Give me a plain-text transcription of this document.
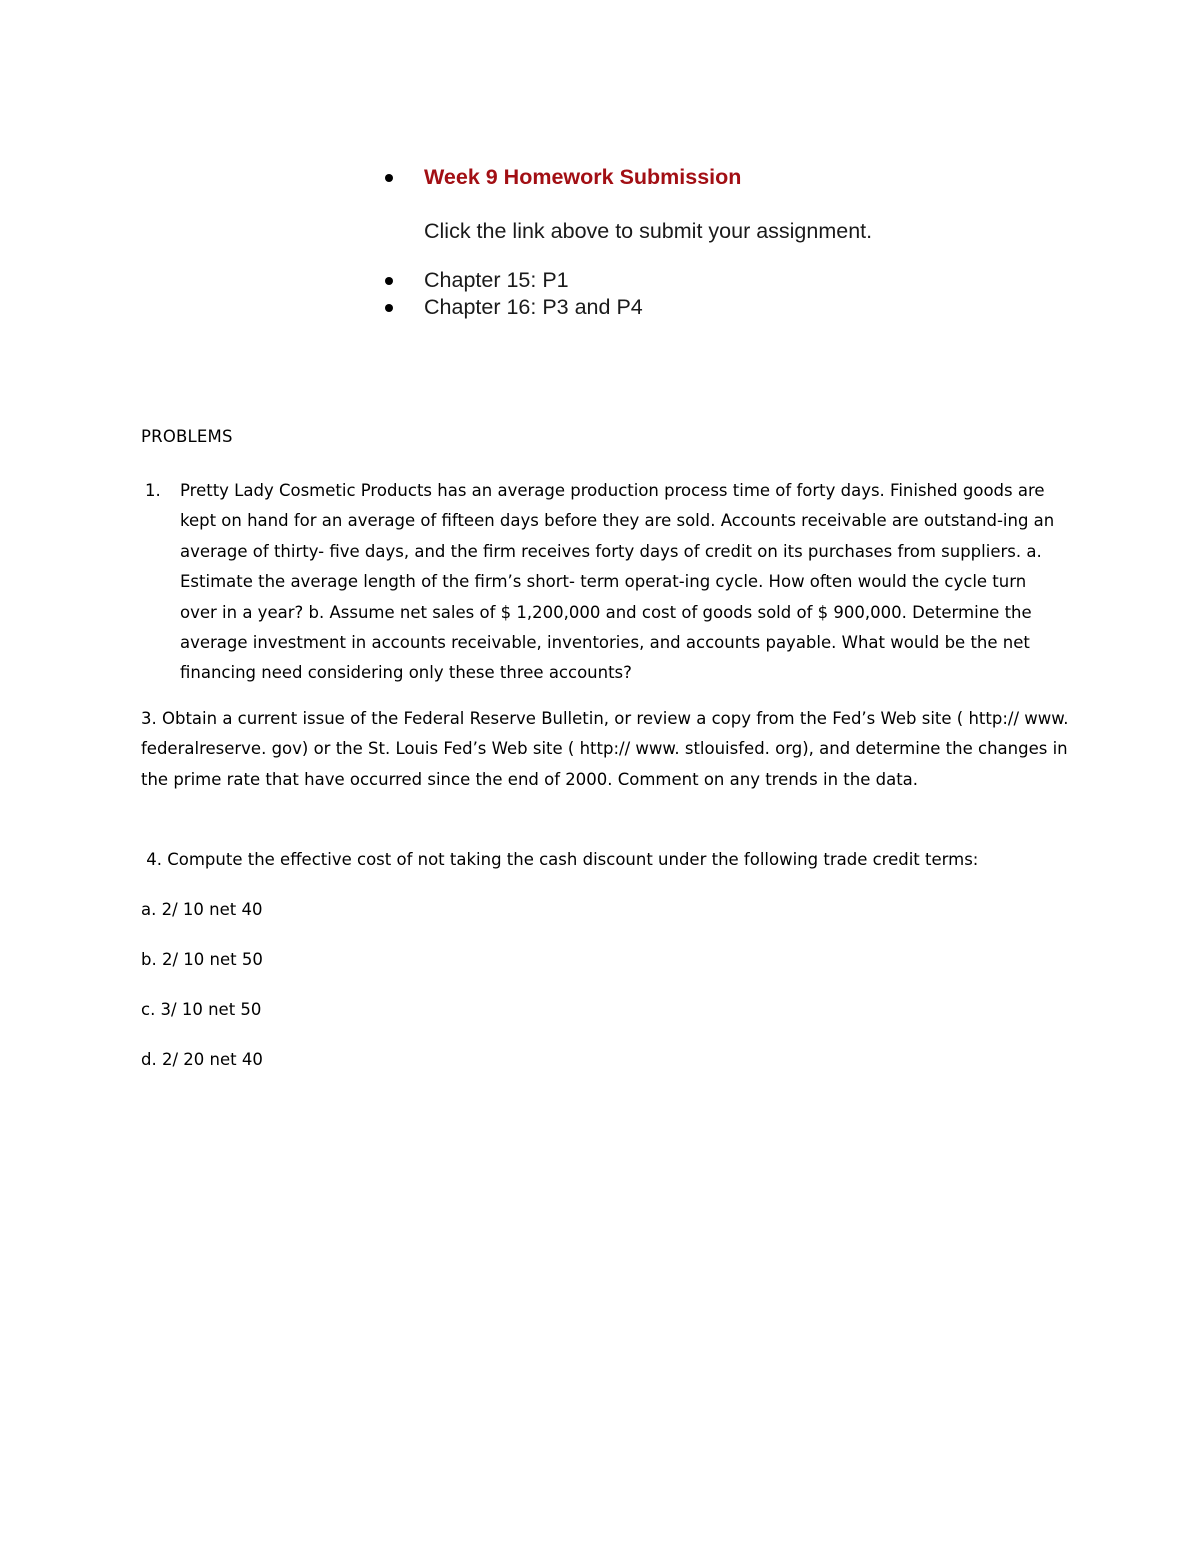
Week 9 Homework Submission
Click the link above to submit your assignment.
Chapter 15: P1
Chapter 16: P3 and P4
PROBLEMS
1.	Pretty Lady Cosmetic Products has an average production process time of forty days. Finished goods are kept on hand for an average of fifteen days before they are sold. Accounts receivable are outstand-ing an average of thirty- five days, and the firm receives forty days of credit on its purchases from suppliers. a. Estimate the average length of the firm’s short- term operat-ing cycle. How often would the cycle turn over in a year? b. Assume net sales of $ 1,200,000 and cost of goods sold of $ 900,000. Determine the average investment in accounts receivable, inventories, and accounts payable. What would be the net financing need considering only these three accounts?
3. Obtain a current issue of the Federal Reserve Bulletin, or review a copy from the Fed’s Web site ( http:// www. federalreserve. gov) or the St. Louis Fed’s Web site ( http:// www. stlouisfed. org), and determine the changes in the prime rate that have occurred since the end of 2000. Comment on any trends in the data.
4. Compute the effective cost of not taking the cash discount under the following trade credit terms:
a. 2/ 10 net 40
b. 2/ 10 net 50
c. 3/ 10 net 50
d. 2/ 20 net 40
